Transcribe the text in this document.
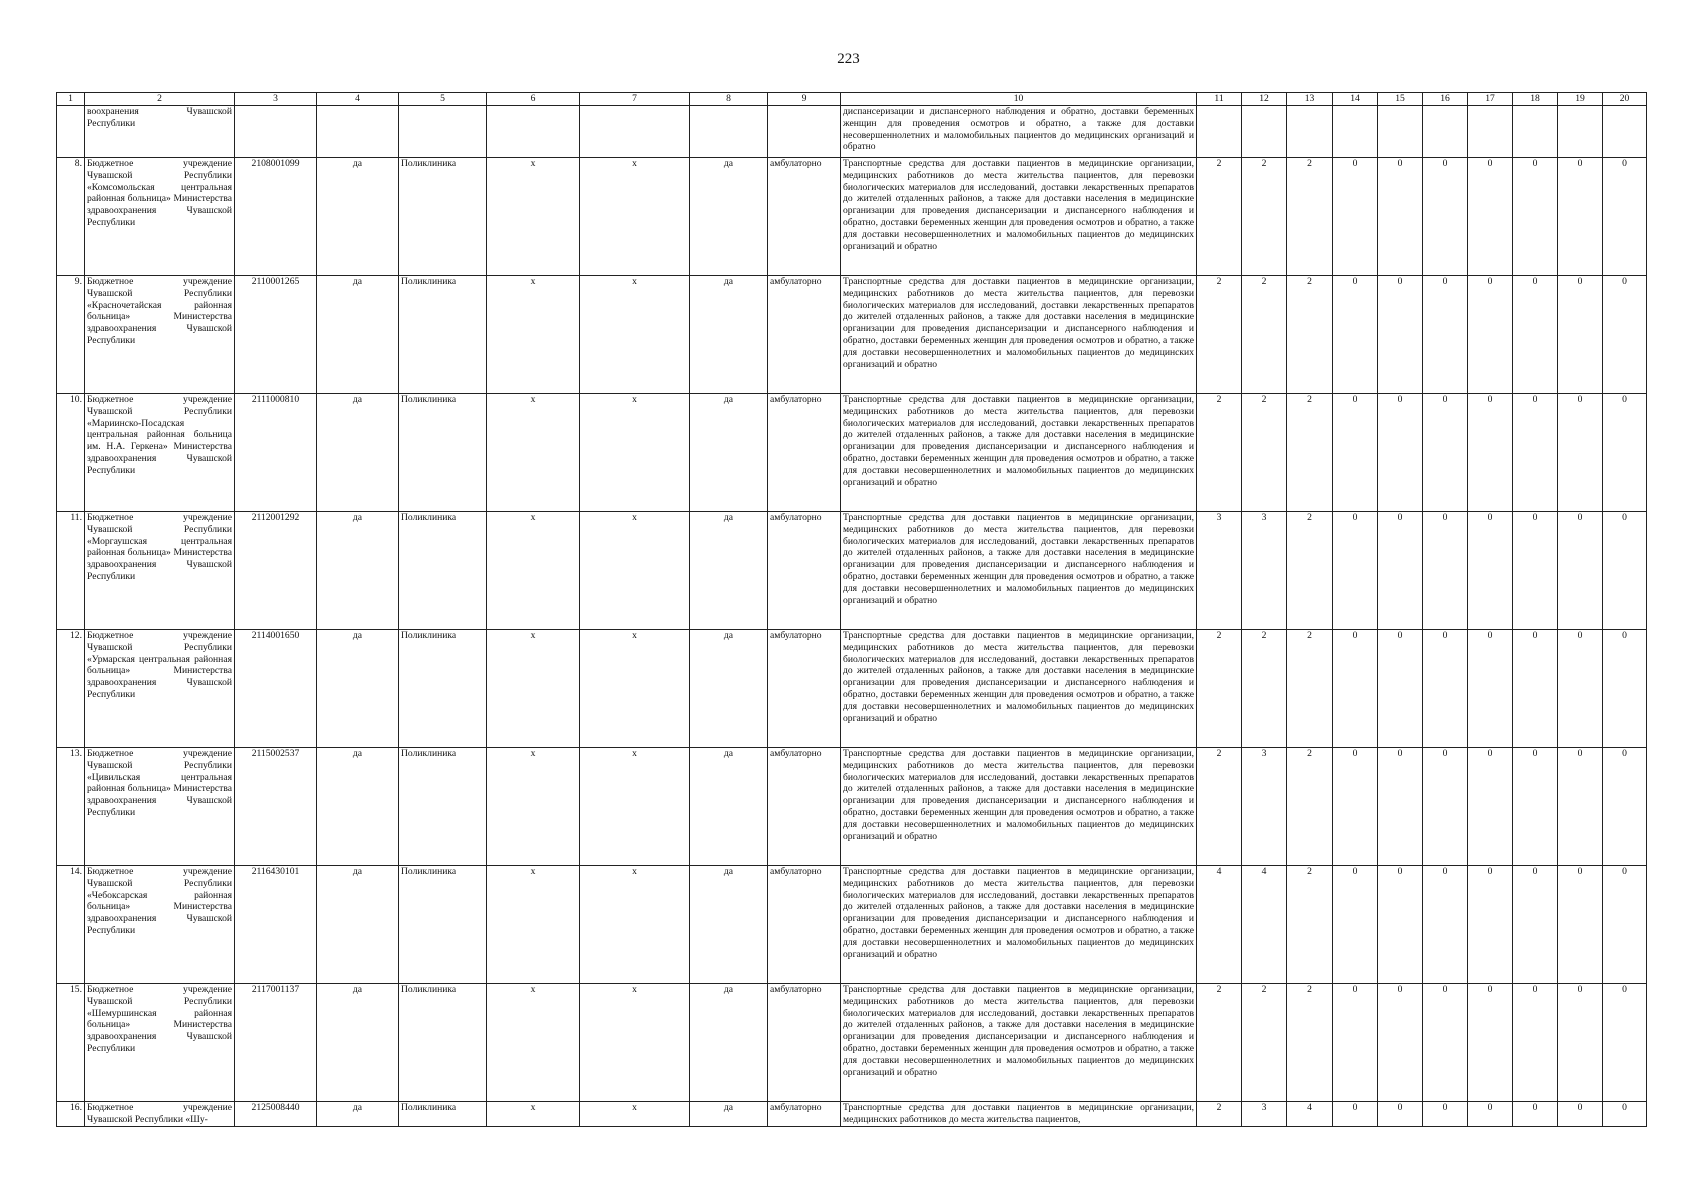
223
1	2	3	4	5	6	7	8	9	10	11	12	13	14	15	16	17	18	19	20
	воохранения Чувашской Республики								диспансеризации и диспансерного наблюдения и обратно, доставки беременных женщин для проведения осмотров и обратно, а также для доставки несовершеннолетних и маломобильных пациентов до медицинских организаций и обратно										
8.	Бюджетное учреждение Чувашской Республики «Комсомольская центральная районная больница» Министерства здравоохранения Чувашской Республики	2108001099	да	Поликлиника	x	x	да	амбулаторно	Транспортные средства для доставки пациентов в медицинские организации, медицинских работников до места жительства пациентов, для перевозки биологических материалов для исследований, доставки лекарственных препаратов до жителей отдаленных районов, а также для доставки населения в медицинские организации для проведения диспансеризации и диспансерного наблюдения и обратно, доставки беременных женщин для проведения осмотров и обратно, а также для доставки несовершеннолетних и маломобильных пациентов до медицинских организаций и обратно	2	2	2	0	0	0	0	0	0	0
9.	Бюджетное учреждение Чувашской Республики «Красночетайская районная больница» Министерства здравоохранения Чувашской Республики	2110001265	да	Поликлиника	x	x	да	амбулаторно	Транспортные средства для доставки пациентов в медицинские организации, медицинских работников до места жительства пациентов, для перевозки биологических материалов для исследований, доставки лекарственных препаратов до жителей отдаленных районов, а также для доставки населения в медицинские организации для проведения диспансеризации и диспансерного наблюдения и обратно, доставки беременных женщин для проведения осмотров и обратно, а также для доставки несовершеннолетних и маломобильных пациентов до медицинских организаций и обратно	2	2	2	0	0	0	0	0	0	0
10.	Бюджетное учреждение Чувашской Республики «Мариинско-Посадская центральная районная больница им. Н.А. Геркена» Министерства здравоохранения Чувашской Республики	2111000810	да	Поликлиника	x	x	да	амбулаторно	Транспортные средства для доставки пациентов в медицинские организации, медицинских работников до места жительства пациентов, для перевозки биологических материалов для исследований, доставки лекарственных препаратов до жителей отдаленных районов, а также для доставки населения в медицинские организации для проведения диспансеризации и диспансерного наблюдения и обратно, доставки беременных женщин для проведения осмотров и обратно, а также для доставки несовершеннолетних и маломобильных пациентов до медицинских организаций и обратно	2	2	2	0	0	0	0	0	0	0
11.	Бюджетное учреждение Чувашской Республики «Моргаушская центральная районная больница» Министерства здравоохранения Чувашской Республики	2112001292	да	Поликлиника	x	x	да	амбулаторно	Транспортные средства для доставки пациентов в медицинские организации, медицинских работников до места жительства пациентов, для перевозки биологических материалов для исследований, доставки лекарственных препаратов до жителей отдаленных районов, а также для доставки населения в медицинские организации для проведения диспансеризации и диспансерного наблюдения и обратно, доставки беременных женщин для проведения осмотров и обратно, а также для доставки несовершеннолетних и маломобильных пациентов до медицинских организаций и обратно	3	3	2	0	0	0	0	0	0	0
12.	Бюджетное учреждение Чувашской Республики «Урмарская центральная районная больница» Министерства здравоохранения Чувашской Республики	2114001650	да	Поликлиника	x	x	да	амбулаторно	Транспортные средства для доставки пациентов в медицинские организации, медицинских работников до места жительства пациентов, для перевозки биологических материалов для исследований, доставки лекарственных препаратов до жителей отдаленных районов, а также для доставки населения в медицинские организации для проведения диспансеризации и диспансерного наблюдения и обратно, доставки беременных женщин для проведения осмотров и обратно, а также для доставки несовершеннолетних и маломобильных пациентов до медицинских организаций и обратно	2	2	2	0	0	0	0	0	0	0
13.	Бюджетное учреждение Чувашской Республики «Цивильская центральная районная больница» Министерства здравоохранения Чувашской Республики	2115002537	да	Поликлиника	x	x	да	амбулаторно	Транспортные средства для доставки пациентов в медицинские организации, медицинских работников до места жительства пациентов, для перевозки биологических материалов для исследований, доставки лекарственных препаратов до жителей отдаленных районов, а также для доставки населения в медицинские организации для проведения диспансеризации и диспансерного наблюдения и обратно, доставки беременных женщин для проведения осмотров и обратно, а также для доставки несовершеннолетних и маломобильных пациентов до медицинских организаций и обратно	2	3	2	0	0	0	0	0	0	0
14.	Бюджетное учреждение Чувашской Республики «Чебоксарская районная больница» Министерства здравоохранения Чувашской Республики	2116430101	да	Поликлиника	x	x	да	амбулаторно	Транспортные средства для доставки пациентов в медицинские организации, медицинских работников до места жительства пациентов, для перевозки биологических материалов для исследований, доставки лекарственных препаратов до жителей отдаленных районов, а также для доставки населения в медицинские организации для проведения диспансеризации и диспансерного наблюдения и обратно, доставки беременных женщин для проведения осмотров и обратно, а также для доставки несовершеннолетних и маломобильных пациентов до медицинских организаций и обратно	4	4	2	0	0	0	0	0	0	0
15.	Бюджетное учреждение Чувашской Республики «Шемуршинская районная больница» Министерства здравоохранения Чувашской Республики	2117001137	да	Поликлиника	x	x	да	амбулаторно	Транспортные средства для доставки пациентов в медицинские организации, медицинских работников до места жительства пациентов, для перевозки биологических материалов для исследований, доставки лекарственных препаратов до жителей отдаленных районов, а также для доставки населения в медицинские организации для проведения диспансеризации и диспансерного наблюдения и обратно, доставки беременных женщин для проведения осмотров и обратно, а также для доставки несовершеннолетних и маломобильных пациентов до медицинских организаций и обратно	2	2	2	0	0	0	0	0	0	0
16.	Бюджетное учреждение Чувашской Республики «Шу-	2125008440	да	Поликлиника	x	x	да	амбулаторно	Транспортные средства для доставки пациентов в медицинские организации, медицинских работников до места жительства пациентов,	2	3	4	0	0	0	0	0	0	0
